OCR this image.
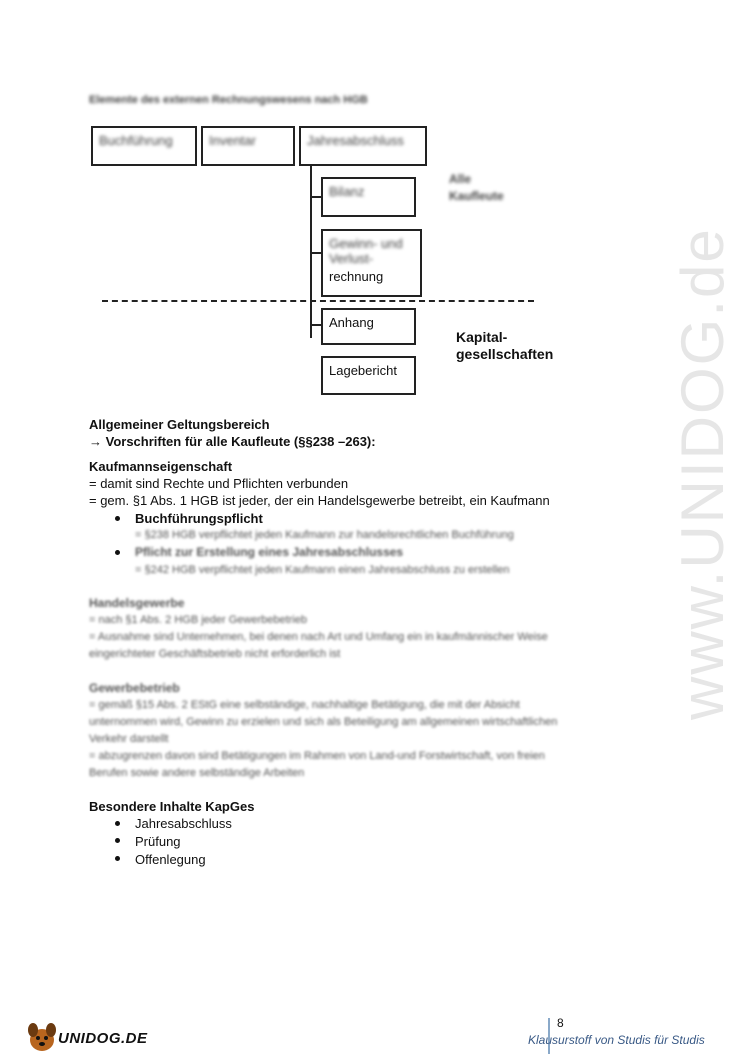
www.UNIDOG.de
Elemente des externen Rechnungswesens nach HGB
Buchführung	Inventar	Jahresabschluss
Bilanz
Gewinn- und Verlust-
rechnung
Anhang
Lagebericht
Alle
Kaufleute
Kapital-
gesellschaften
Allgemeiner Geltungsbereich
→ Vorschriften für alle Kaufleute (§§238 –263):
Kaufmannseigenschaft
= damit sind Rechte und Pflichten verbunden
= gem. §1 Abs. 1 HGB ist jeder, der ein Handelsgewerbe betreibt, ein Kaufmann
Buchführungspflicht
= §238 HGB verpflichtet jeden Kaufmann zur handelsrechtlichen Buchführung
Pflicht zur Erstellung eines Jahresabschlusses
= §242 HGB verpflichtet jeden Kaufmann einen Jahresabschluss zu erstellen
Handelsgewerbe
= nach §1 Abs. 2 HGB jeder Gewerbebetrieb
= Ausnahme sind Unternehmen, bei denen nach Art und Umfang ein in kaufmännischer Weise
eingerichteter Geschäftsbetrieb nicht erforderlich ist
Gewerbebetrieb
= gemäß §15 Abs. 2 EStG eine selbständige, nachhaltige Betätigung, die mit der Absicht
unternommen wird, Gewinn zu erzielen und sich als Beteiligung am allgemeinen wirtschaftlichen
Verkehr darstellt
= abzugrenzen davon sind Betätigungen im Rahmen von Land-und Forstwirtschaft, von freien
Berufen sowie andere selbständige Arbeiten
Besondere Inhalte KapGes
Jahresabschluss
Prüfung
Offenlegung
UNIDOG.DE
8
Klausurstoff von Studis für Studis
